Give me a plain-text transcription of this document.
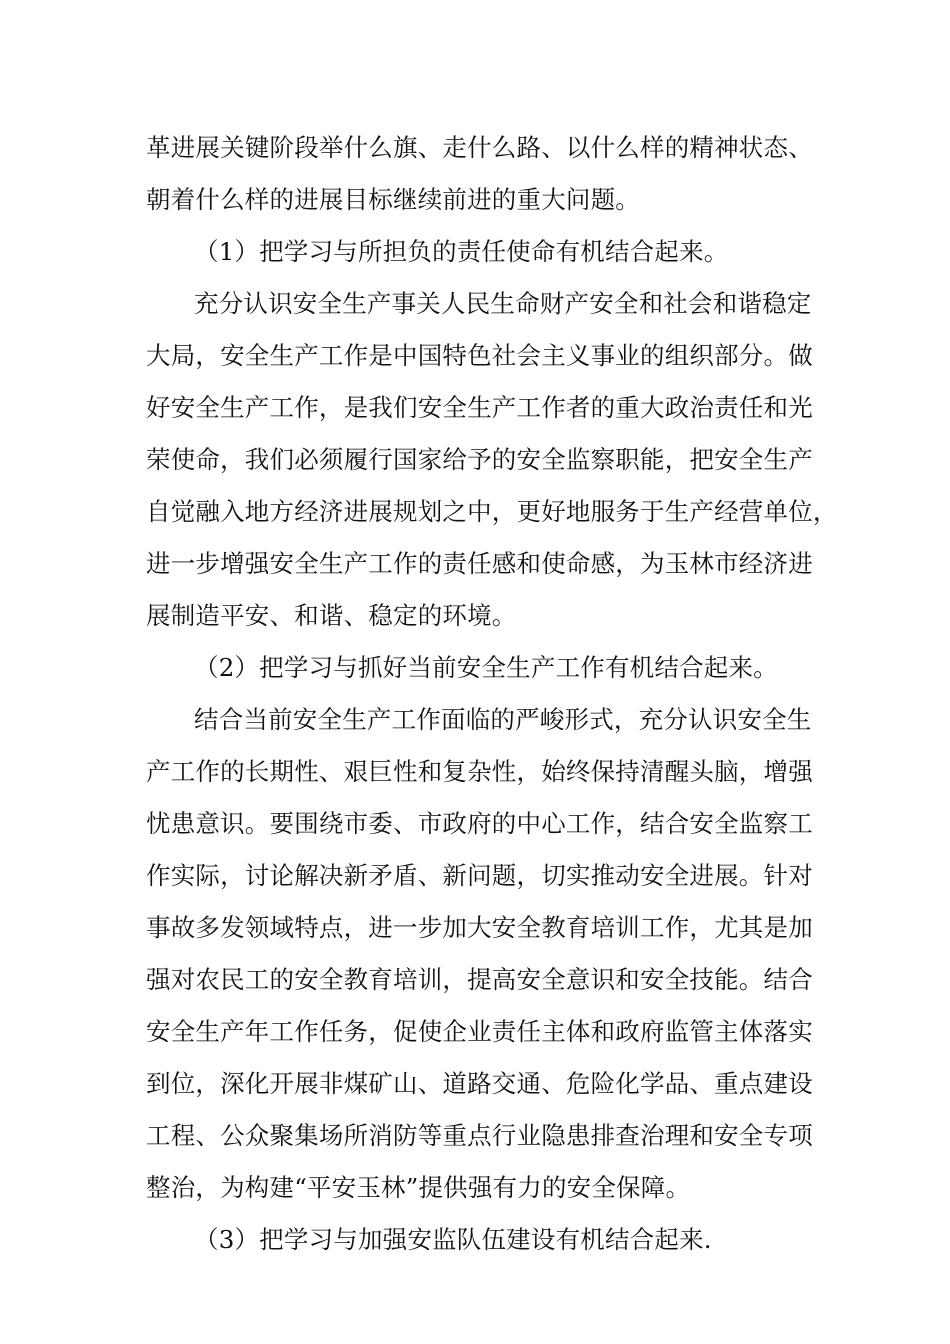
革进展关键阶段举什么旗、走什么路、以什么样的精神状态、
朝着什么样的进展目标继续前进的重大问题。
（1）把学习与所担负的责任使命有机结合起来。
充分认识安全生产事关人民生命财产安全和社会和谐稳定
大局，安全生产工作是中国特色社会主义事业的组织部分。做
好安全生产工作，是我们安全生产工作者的重大政治责任和光
荣使命，我们必须履行国家给予的安全监察职能，把安全生产
自觉融入地方经济进展规划之中，更好地服务于生产经营单位，
进一步增强安全生产工作的责任感和使命感，为玉林市经济进
展制造平安、和谐、稳定的环境。
（2）把学习与抓好当前安全生产工作有机结合起来。
结合当前安全生产工作面临的严峻形式，充分认识安全生
产工作的长期性、艰巨性和复杂性，始终保持清醒头脑，增强
忧患意识。要围绕市委、市政府的中心工作，结合安全监察工
作实际，讨论解决新矛盾、新问题，切实推动安全进展。针对
事故多发领域特点，进一步加大安全教育培训工作，尤其是加
强对农民工的安全教育培训，提高安全意识和安全技能。结合
安全生产年工作任务，促使企业责任主体和政府监管主体落实
到位，深化开展非煤矿山、道路交通、危险化学品、重点建设
工程、公众聚集场所消防等重点行业隐患排查治理和安全专项
整治，为构建“平安玉林”提供强有力的安全保障。
（3）把学习与加强安监队伍建设有机结合起来.
